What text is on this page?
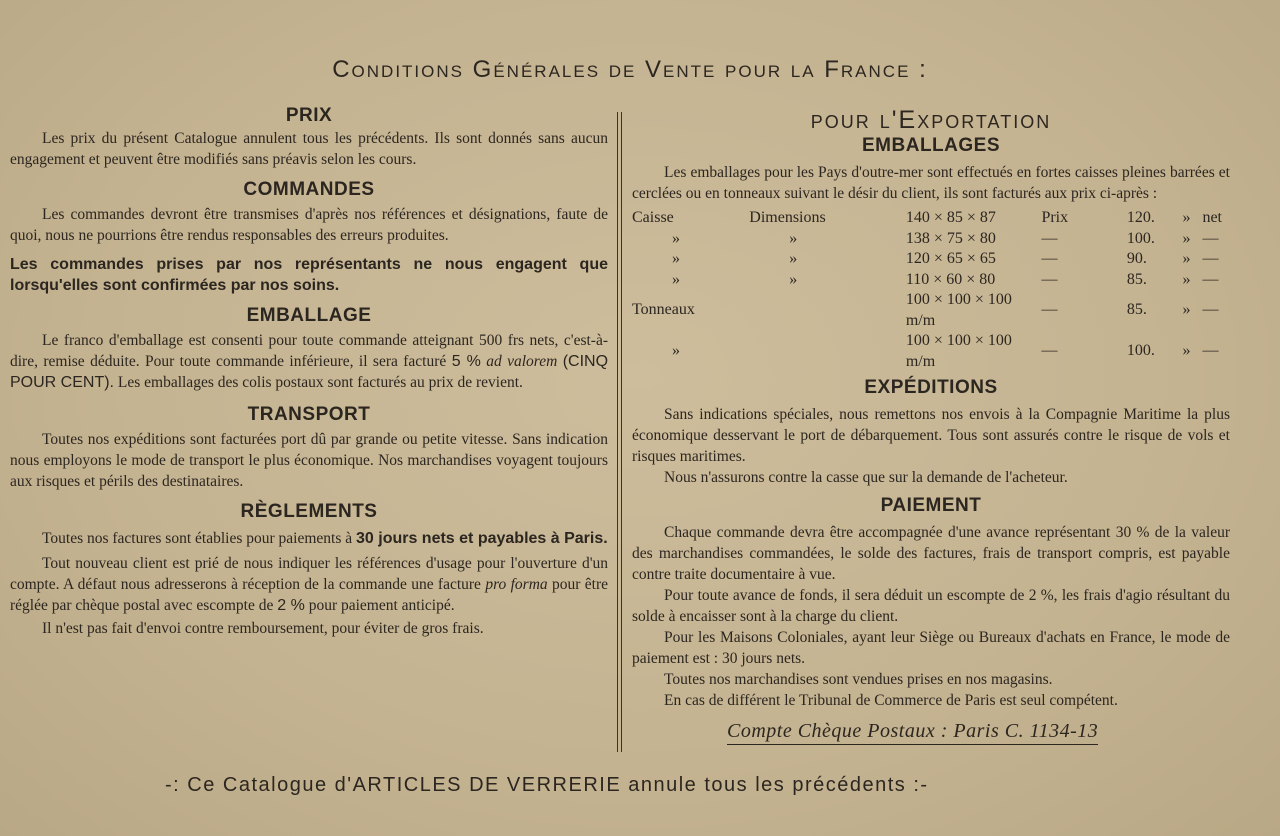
Conditions Générales de Vente pour la France :
PRIX

Les prix du présent Catalogue annulent tous les précédents. Ils sont donnés sans aucun engagement et peuvent être modifiés sans préavis selon les cours.

COMMANDES

Les commandes devront être transmises d'après nos références et désignations, faute de quoi, nous ne pourrions être rendus responsables des erreurs produites.

Les commandes prises par nos représentants ne nous engagent que lorsqu'elles sont confirmées par nos soins.

EMBALLAGE

Le franco d'emballage est consenti pour toute commande atteignant 500 frs nets, c'est-à-dire, remise déduite. Pour toute commande inférieure, il sera facturé 5 % ad valorem (CINQ POUR CENT). Les emballages des colis postaux sont facturés au prix de revient.

TRANSPORT

Toutes nos expéditions sont facturées port dû par grande ou petite vitesse. Sans indication nous employons le mode de transport le plus économique. Nos marchandises voyagent toujours aux risques et périls des destinataires.

RÈGLEMENTS

Toutes nos factures sont établies pour paiements à 30 jours nets et payables à Paris.

Tout nouveau client est prié de nous indiquer les références d'usage pour l'ouverture d'un compte. A défaut nous adresserons à réception de la commande une facture pro forma pour être réglée par chèque postal avec escompte de 2 % pour paiement anticipé.

Il n'est pas fait d'envoi contre remboursement, pour éviter de gros frais.

pour l'Exportation
EMBALLAGES

Les emballages pour les Pays d'outre-mer sont effectués en fortes caisses pleines barrées et cerclées ou en tonneaux suivant le désir du client, ils sont facturés aux prix ci-après :

Caisse	Dimensions	140 × 85 × 87	Prix	120.	»	net
»	»	138 × 75 × 80	—	100.	»	—
»	»	120 × 65 × 65	—	90.	»	—
»	»	110 × 60 × 80	—	85.	»	—
Tonneaux		100 × 100 × 100 m/m	—	85.	»	—
»		100 × 100 × 100 m/m	—	100.	»	—
EXPÉDITIONS

Sans indications spéciales, nous remettons nos envois à la Compagnie Maritime la plus économique desservant le port de débarquement. Tous sont assurés contre le risque de vols et risques maritimes.

Nous n'assurons contre la casse que sur la demande de l'acheteur.

PAIEMENT

Chaque commande devra être accompagnée d'une avance représentant 30 % de la valeur des marchandises commandées, le solde des factures, frais de transport compris, est payable contre traite documentaire à vue.

Pour toute avance de fonds, il sera déduit un escompte de 2 %, les frais d'agio résultant du solde à encaisser sont à la charge du client.

Pour les Maisons Coloniales, ayant leur Siège ou Bureaux d'achats en France, le mode de paiement est : 30 jours nets.

Toutes nos marchandises sont vendues prises en nos magasins.

En cas de différent le Tribunal de Commerce de Paris est seul compétent.

Compte Chèque Postaux : Paris C. 1134-13
-: Ce Catalogue d'ARTICLES DE VERRERIE annule tous les précédents :-
